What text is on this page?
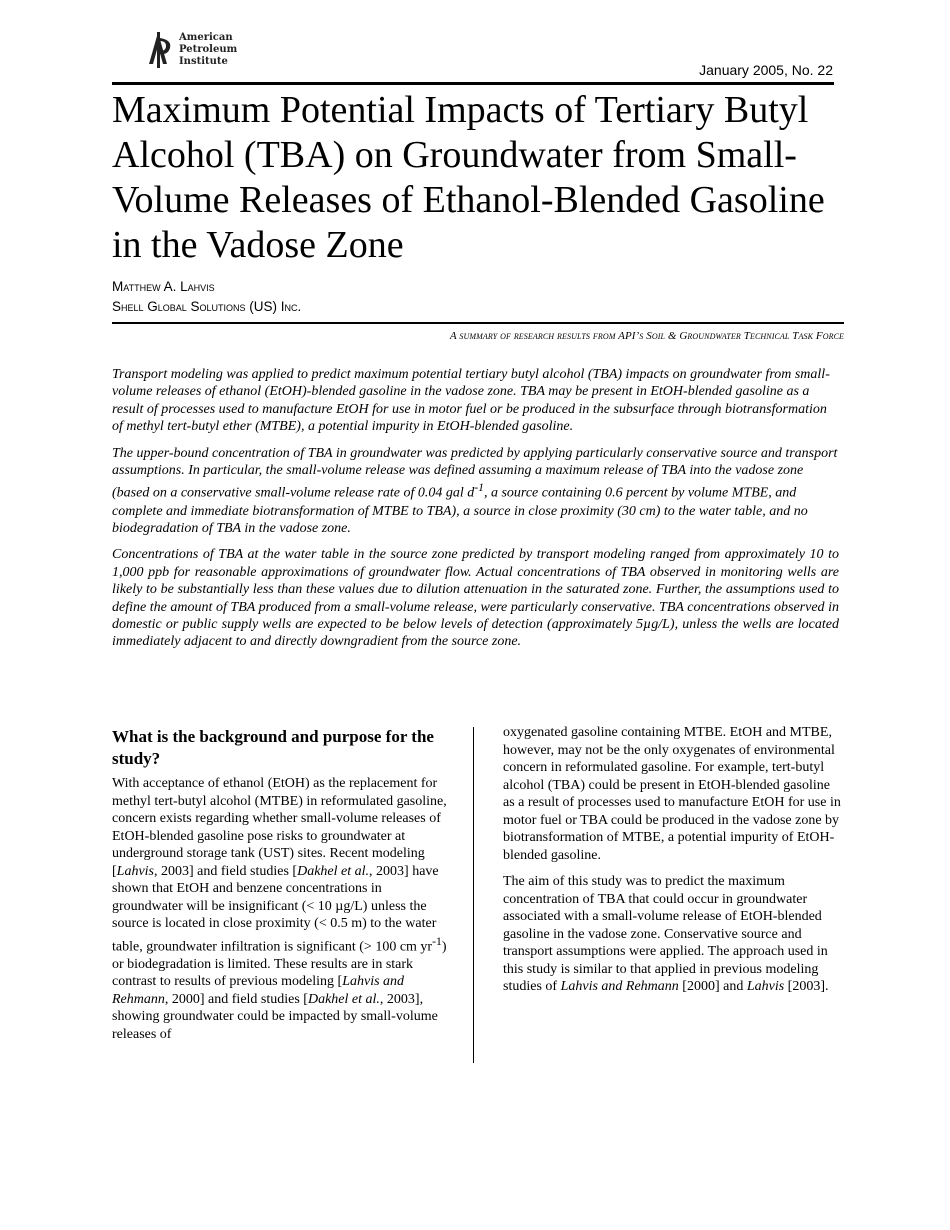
American
Petroleum
Institute
January 2005, No. 22
Maximum Potential Impacts of Tertiary Butyl Alcohol (TBA) on Groundwater from Small-Volume Releases of Ethanol-Blended Gasoline in the Vadose Zone
Matthew A. Lahvis
Shell Global Solutions (US) Inc.
A summary of research results from API’s Soil & Groundwater Technical Task Force

Transport modeling was applied to predict maximum potential tertiary butyl alcohol (TBA) impacts on groundwater from small-volume releases of ethanol (EtOH)-blended gasoline in the vadose zone. TBA may be present in EtOH-blended gasoline as a result of processes used to manufacture EtOH for use in motor fuel or be produced in the subsurface through biotransformation of methyl tert-butyl ether (MTBE), a potential impurity in EtOH-blended gasoline.

The upper-bound concentration of TBA in groundwater was predicted by applying particularly conservative source and transport assumptions. In particular, the small-volume release was defined assuming a maximum release of TBA into the vadose zone (based on a conservative small-volume release rate of 0.04 gal $d^{-1}$, a source containing 0.6 percent by volume MTBE, and complete and immediate biotransformation of MTBE to TBA), a source in close proximity (30 cm) to the water table, and no biodegradation of TBA in the vadose zone.

Concentrations of TBA at the water table in the source zone predicted by transport modeling ranged from approximately 10 to 1,000 ppb for reasonable approximations of groundwater flow. Actual concentrations of TBA observed in monitoring wells are likely to be substantially less than these values due to dilution attenuation in the saturated zone. Further, the assumptions used to define the amount of TBA produced from a small-volume release, were particularly conservative. TBA concentrations observed in domestic or public supply wells are expected to be below levels of detection (approximately 5µg/L), unless the wells are located immediately adjacent to and directly downgradient from the source zone.

What is the background and purpose for the study?

With acceptance of ethanol (EtOH) as the replacement for methyl tert-butyl alcohol (MTBE) in reformulated gasoline, concern exists regarding whether small-volume releases of EtOH-blended gasoline pose risks to groundwater at underground storage tank (UST) sites. Recent modeling [Lahvis, 2003] and field studies [Dakhel et al., 2003] have shown that EtOH and benzene concentrations in groundwater will be insignificant (< 10 µg/L) unless the source is located in close proximity (< 0.5 m) to the water table, groundwater infiltration is significant (> 100 cm $yr^{-1}$) or biodegradation is limited. These results are in stark contrast to results of previous modeling [Lahvis and Rehmann, 2000] and field studies [Dakhel et al., 2003], showing groundwater could be impacted by small-volume releases of

oxygenated gasoline containing MTBE. EtOH and MTBE, however, may not be the only oxygenates of environmental concern in reformulated gasoline. For example, tert-butyl alcohol (TBA) could be present in EtOH-blended gasoline as a result of processes used to manufacture EtOH for use in motor fuel or TBA could be produced in the vadose zone by biotransformation of MTBE, a potential impurity of EtOH-blended gasoline.

The aim of this study was to predict the maximum concentration of TBA that could occur in groundwater associated with a small-volume release of EtOH-blended gasoline in the vadose zone. Conservative source and transport assumptions were applied. The approach used in this study is similar to that applied in previous modeling studies of Lahvis and Rehmann [2000] and Lahvis [2003].
